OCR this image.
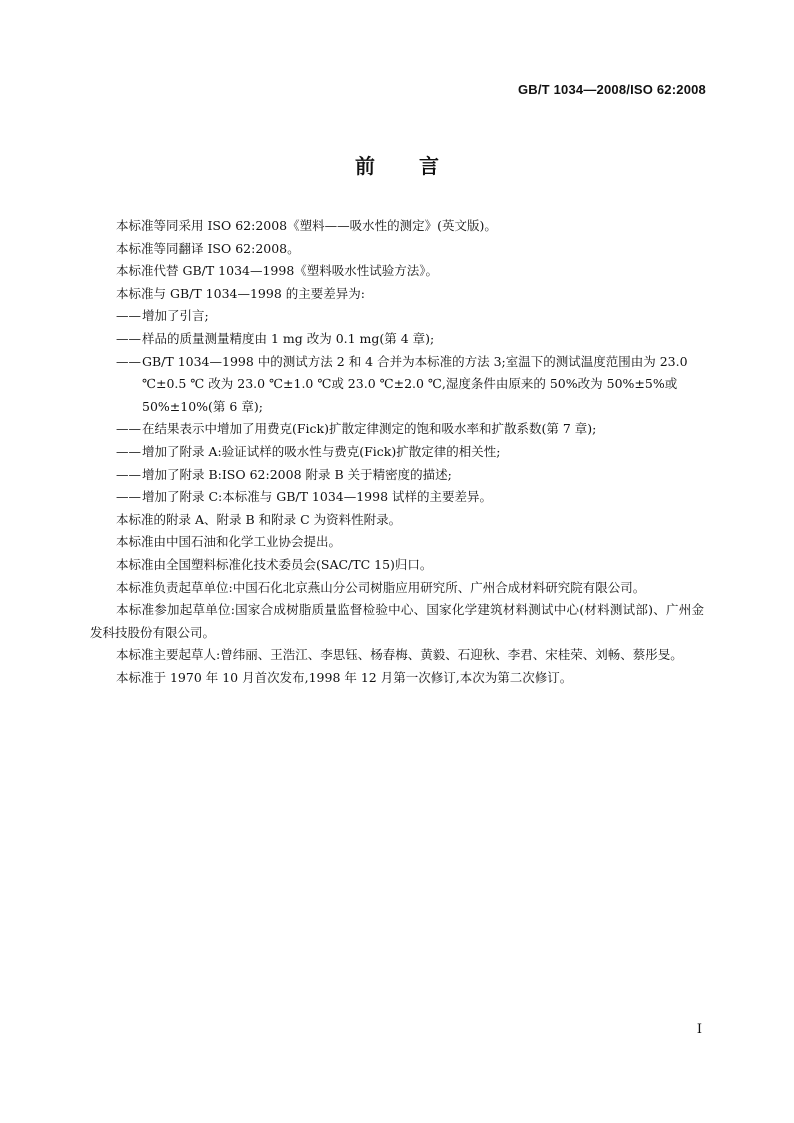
GB/T 1034—2008/ISO 62:2008
前言

本标准等同采用 ISO 62:2008《塑料——吸水性的测定》(英文版)。

本标准等同翻译 ISO 62:2008。

本标准代替 GB/T 1034—1998《塑料吸水性试验方法》。

本标准与 GB/T 1034—1998 的主要差异为:

——增加了引言;

——样品的质量测量精度由 1 mg 改为 0.1 mg(第 4 章);

——GB/T 1034—1998 中的测试方法 2 和 4 合并为本标准的方法 3;室温下的测试温度范围由为 23.0 ℃±0.5 ℃ 改为 23.0 ℃±1.0 ℃或 23.0 ℃±2.0 ℃,湿度条件由原来的 50%改为 50%±5%或 50%±10%(第 6 章);

——在结果表示中增加了用费克(Fick)扩散定律测定的饱和吸水率和扩散系数(第 7 章);

——增加了附录 A:验证试样的吸水性与费克(Fick)扩散定律的相关性;

——增加了附录 B:ISO 62:2008 附录 B 关于精密度的描述;

——增加了附录 C:本标准与 GB/T 1034—1998 试样的主要差异。

本标准的附录 A、附录 B 和附录 C 为资料性附录。

本标准由中国石油和化学工业协会提出。

本标准由全国塑料标准化技术委员会(SAC/TC 15)归口。

本标准负责起草单位:中国石化北京燕山分公司树脂应用研究所、广州合成材料研究院有限公司。

本标准参加起草单位:国家合成树脂质量监督检验中心、国家化学建筑材料测试中心(材料测试部)、广州金发科技股份有限公司。

本标准主要起草人:曾纬丽、王浩江、李思钰、杨春梅、黄毅、石迎秋、李君、宋桂荣、刘畅、蔡彤旻。

本标准于 1970 年 10 月首次发布,1998 年 12 月第一次修订,本次为第二次修订。

I
